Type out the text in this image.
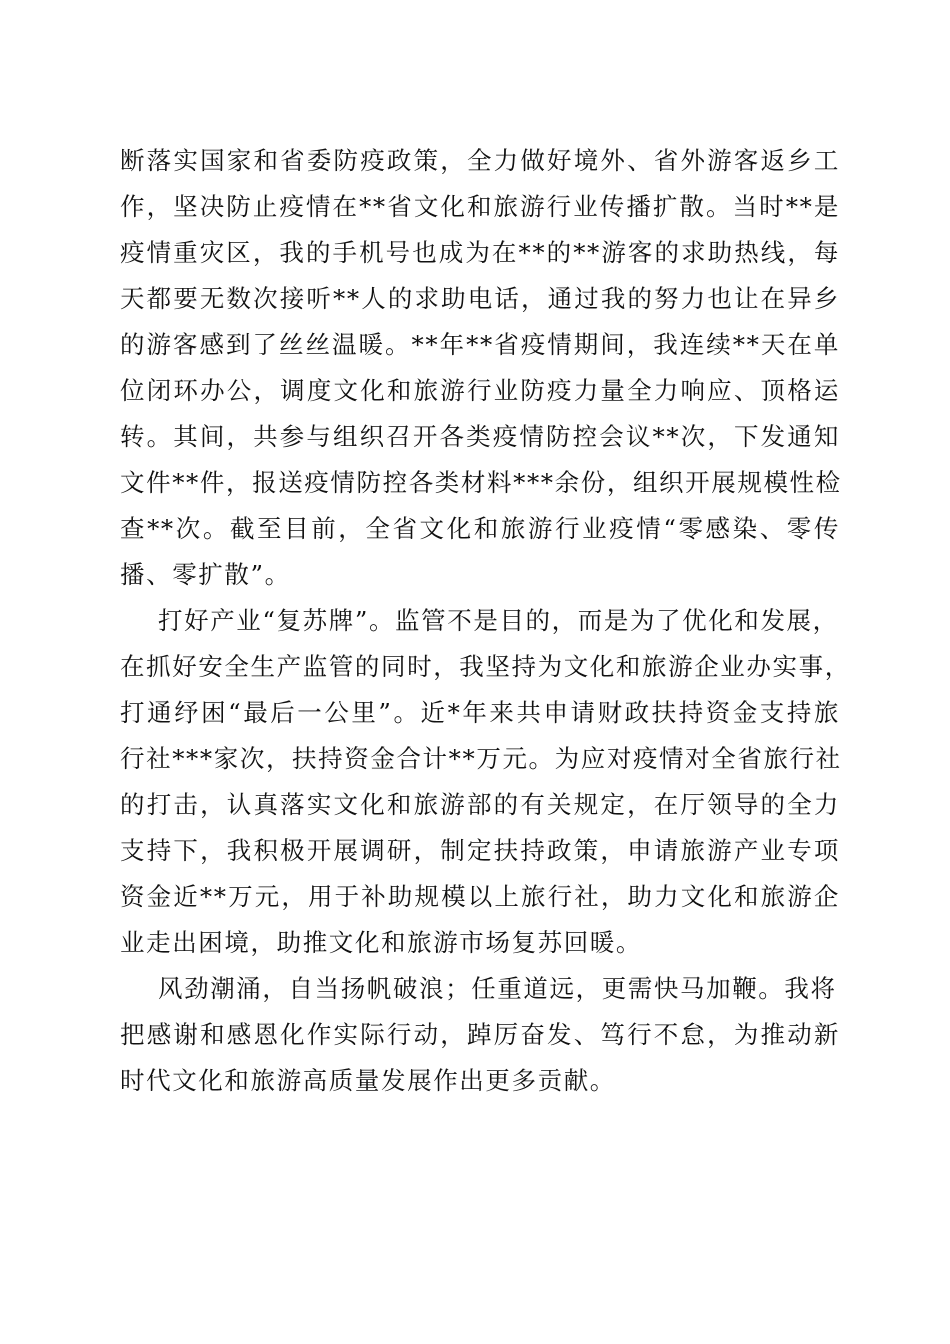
断落实国家和省委防疫政策，全力做好境外、省外游客返乡工
作，坚决防止疫情在**省文化和旅游行业传播扩散。当时**是
疫情重灾区，我的手机号也成为在**的**游客的求助热线，每
天都要无数次接听**人的求助电话，通过我的努力也让在异乡
的游客感到了丝丝温暖。**年**省疫情期间，我连续**天在单
位闭环办公，调度文化和旅游行业防疫力量全力响应、顶格运
转。其间，共参与组织召开各类疫情防控会议**次，下发通知
文件**件，报送疫情防控各类材料***余份，组织开展规模性检
查**次。截至目前，全省文化和旅游行业疫情“零感染、零传
播、零扩散”。
打好产业“复苏牌”。监管不是目的，而是为了优化和发展，
在抓好安全生产监管的同时，我坚持为文化和旅游企业办实事，
打通纾困“最后一公里”。近*年来共申请财政扶持资金支持旅
行社***家次，扶持资金合计**万元。为应对疫情对全省旅行社
的打击，认真落实文化和旅游部的有关规定，在厅领导的全力
支持下，我积极开展调研，制定扶持政策，申请旅游产业专项
资金近**万元，用于补助规模以上旅行社，助力文化和旅游企
业走出困境，助推文化和旅游市场复苏回暖。
风劲潮涌，自当扬帆破浪；任重道远，更需快马加鞭。我将
把感谢和感恩化作实际行动，踔厉奋发、笃行不怠，为推动新
时代文化和旅游高质量发展作出更多贡献。
